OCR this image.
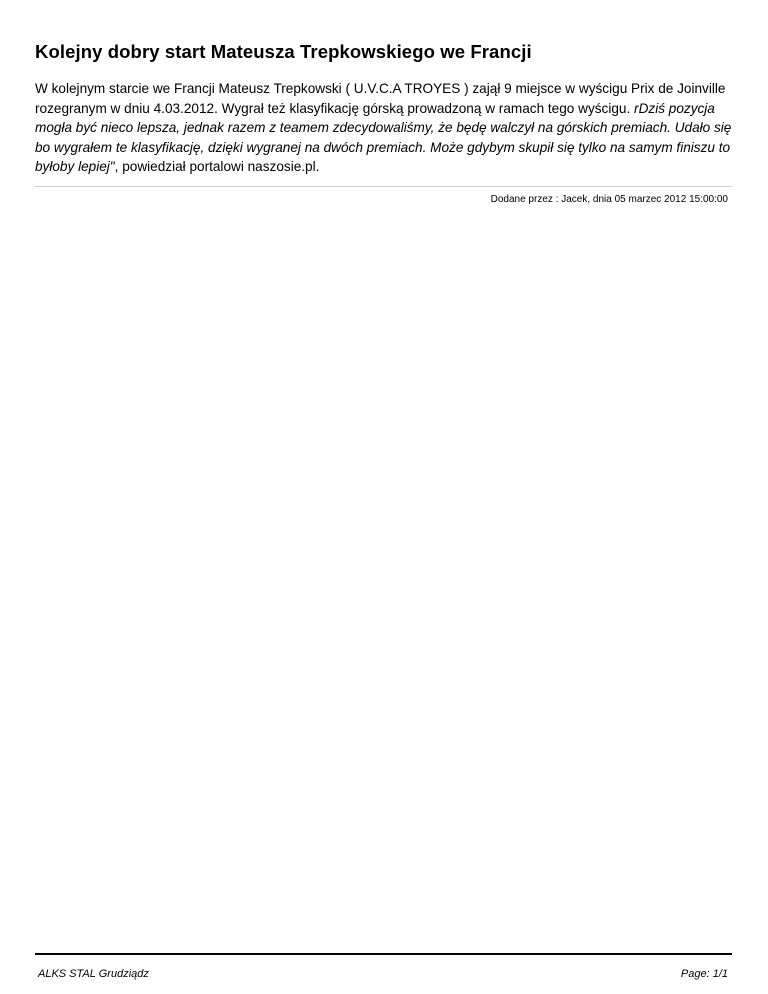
Kolejny dobry start Mateusza Trepkowskiego we Francji
W kolejnym starcie we Francji Mateusz Trepkowski ( U.V.C.A TROYES ) zajął 9 miejsce w wyścigu Prix de Joinville rozegranym w dniu 4.03.2012. Wygrał też klasyfikację górską prowadzoną w ramach tego wyścigu. rDziś pozycja mogła być nieco lepsza, jednak razem z teamem zdecydowaliśmy, że będę walczył na górskich premiach. Udało się bo wygrałem te klasyfikację, dzięki wygranej na dwóch premiach. Może gdybym skupił się tylko na samym finiszu to byłoby lepiej", powiedział portalowi naszosie.pl.
Dodane przez : Jacek, dnia 05 marzec 2012 15:00:00
ALKS STAL Grudziądz	Page: 1/1
